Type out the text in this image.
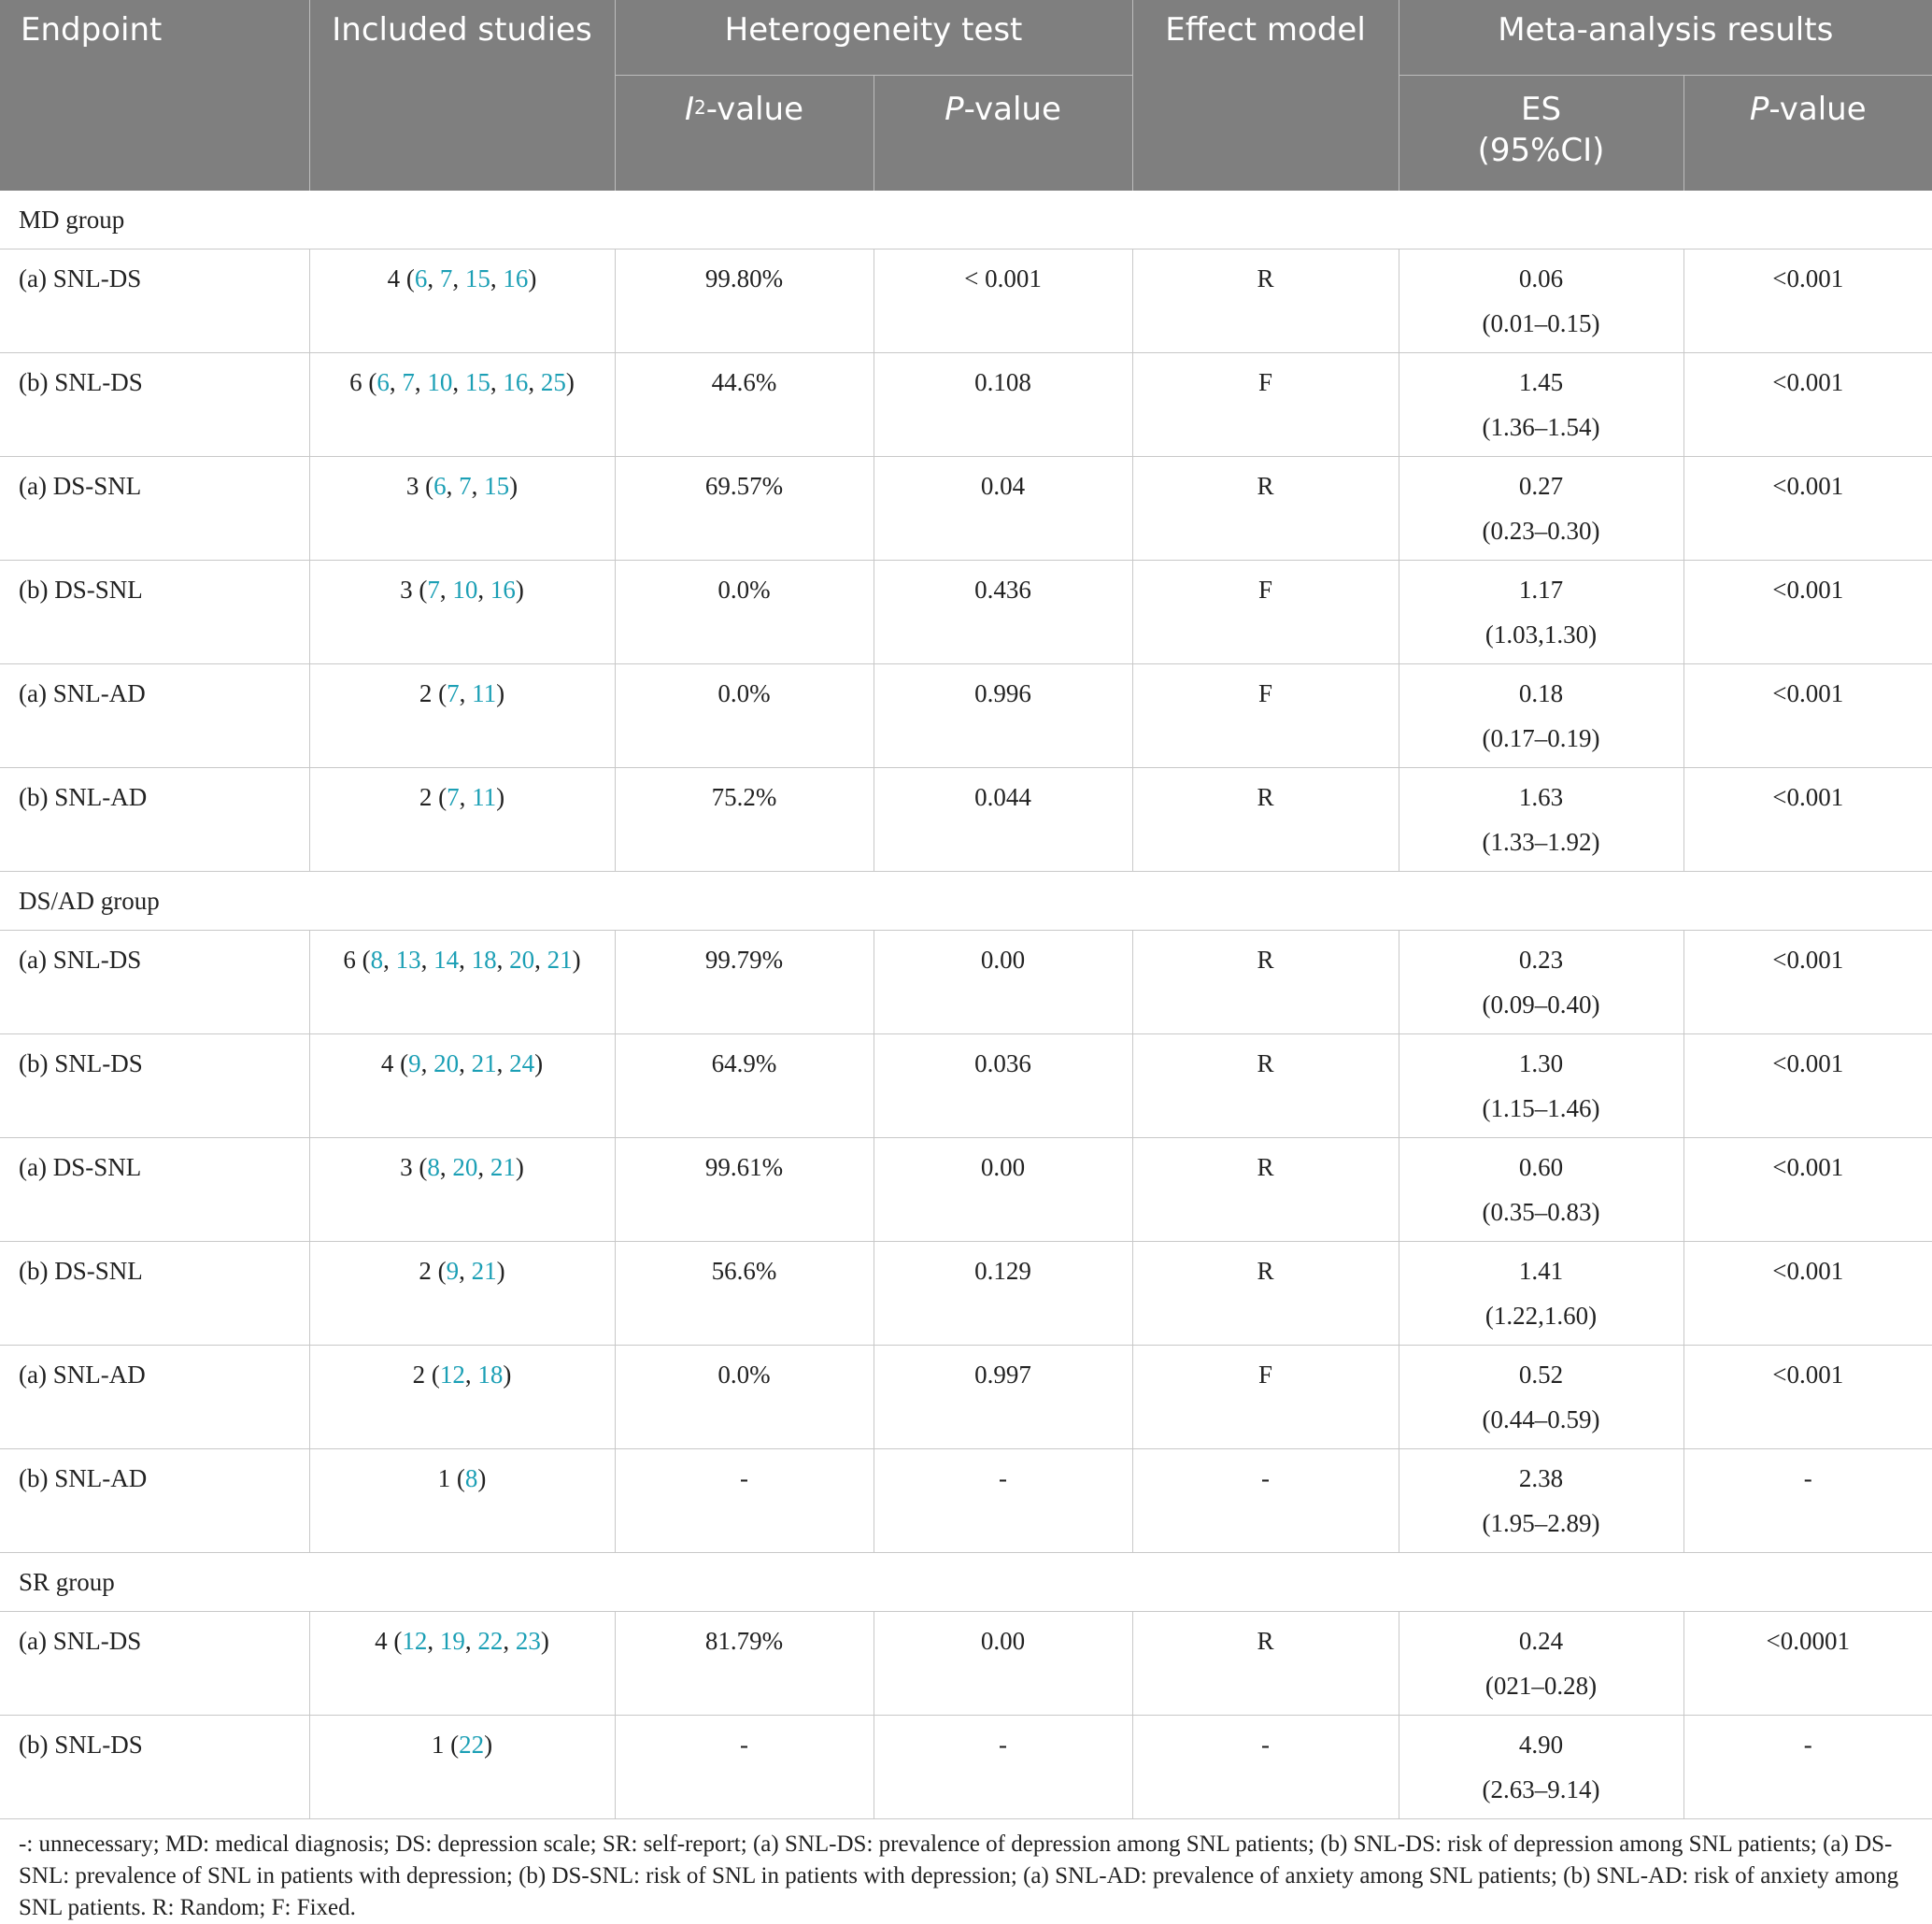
Endpoint	Included studies	Heterogeneity test		Effect model	Meta-analysis results	
		$I^2$-value	P-value		ES
(95%CI)	P-value
MD group						

(a) SNL-DS	4 (6, 7, 15, 16)	99.80%	< 0.001	R	0.06
(0.01–0.15)	<0.001

(b) SNL-DS	6 (6, 7, 10, 15, 16, 25)	44.6%	0.108	F	1.45
(1.36–1.54)	<0.001

(a) DS-SNL	3 (6, 7, 15)	69.57%	0.04	R	0.27
(0.23–0.30)	<0.001

(b) DS-SNL	3 (7, 10, 16)	0.0%	0.436	F	1.17
(1.03,1.30)	<0.001

(a) SNL-AD	2 (7, 11)	0.0%	0.996	F	0.18
(0.17–0.19)	<0.001

(b) SNL-AD	2 (7, 11)	75.2%	0.044	R	1.63
(1.33–1.92)	<0.001

DS/AD group						

(a) SNL-DS	6 (8, 13, 14, 18, 20, 21)	99.79%	0.00	R	0.23
(0.09–0.40)	<0.001

(b) SNL-DS	4 (9, 20, 21, 24)	64.9%	0.036	R	1.30
(1.15–1.46)	<0.001

(a) DS-SNL	3 (8, 20, 21)	99.61%	0.00	R	0.60
(0.35–0.83)	<0.001

(b) DS-SNL	2 (9, 21)	56.6%	0.129	R	1.41
(1.22,1.60)	<0.001

(a) SNL-AD	2 (12, 18)	0.0%	0.997	F	0.52
(0.44–0.59)	<0.001

(b) SNL-AD	1 (8)	-	-	-	2.38
(1.95–2.89)	-

SR group						

(a) SNL-DS	4 (12, 19, 22, 23)	81.79%	0.00	R	0.24
(021–0.28)	<0.0001

(b) SNL-DS	1 (22)	-	-	-	4.90
(2.63–9.14)	-
-: unnecessary; MD: medical diagnosis; DS: depression scale; SR: self-report; (a) SNL-DS: prevalence of depression among SNL patients; (b) SNL-DS: risk of depression among SNL patients; (a) DS-SNL: prevalence of SNL in patients with depression; (b) DS-SNL: risk of SNL in patients with depression; (a) SNL-AD: prevalence of anxiety among SNL patients; (b) SNL-AD: risk of anxiety among SNL patients. R: Random; F: Fixed.
